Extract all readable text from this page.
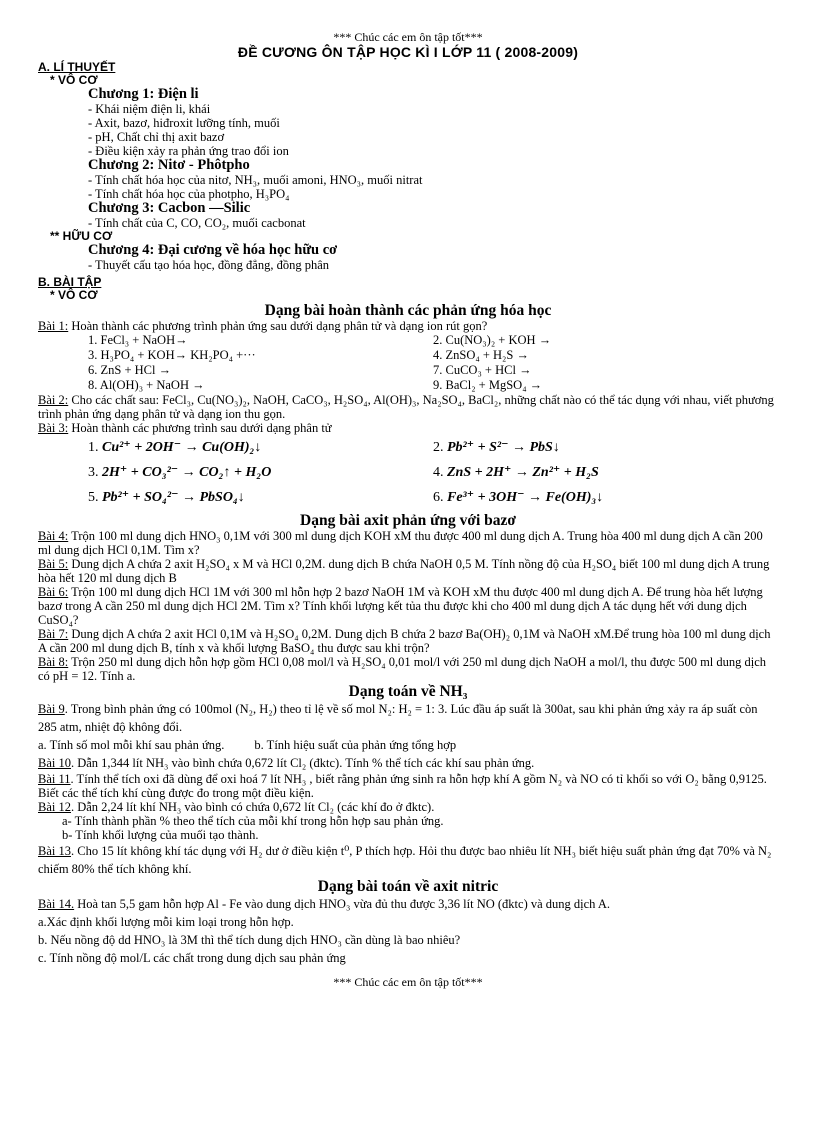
*** Chúc các em ôn tập tốt***
ĐỀ CƯƠNG ÔN TẬP HỌC KÌ I LỚP 11 ( 2008-2009)
A. LÍ THUYẾT
* VÔ CƠ
Chương 1: Điện li
- Khái niệm điện li, khái
- Axit, bazơ, hiđroxit lưỡng tính, muối
- pH, Chất chỉ thị axit bazơ
- Điều kiện xảy ra phản ứng trao đổi ion
Chương 2: Nitơ - Phôtpho
- Tính chất hóa học của nitơ, NH₃, muối amoni, HNO₃, muối nitrat
- Tính chất hóa học của photpho, H₃PO₄
Chương 3: Cacbon —Silic
- Tính chất của C, CO, CO₂, muối cacbonat
** HỮU CƠ
Chương 4: Đại cương về hóa học hữu cơ
- Thuyết cấu tạo hóa học, đồng đẳng, đồng phân
B. BÀI TẬP
* VÔ CƠ
Dạng bài hoàn thành các phản ứng hóa học
Bài 1: Hoàn thành các phương trình phản ứng sau dưới dạng phân tử và dạng ion rút gọn?
1. FeCl₃ + NaOH→	2. Cu(NO₃)₂ + KOH →
3. H₃PO₄ + KOH→ KH₂PO₄ +···	4. ZnSO₄ + H₂S →
6. ZnS + HCl →	7. CuCO₃ + HCl →
8. Al(OH)₃ + NaOH →	9. BaCl₂ + MgSO₄ →
Bài 2: Cho các chất sau: FeCl₃, Cu(NO₃)₂, NaOH, CaCO₃, H₂SO₄, Al(OH)₃, Na₂SO₄, BaCl₂, những chất nào có thể tác dụng với nhau, viết phương trình phản ứng dạng phân tử và dạng ion thu gọn.
Bài 3: Hoàn thành các phương trình sau dưới dạng phân tử
1. Cu²⁺ + 2OH⁻ → Cu(OH)₂↓	2. Pb²⁺ + S²⁻ → PbS↓
3. 2H⁺ + CO₃²⁻ → CO₂↑ + H₂O	4. ZnS + 2H⁺ → Zn²⁺ + H₂S
5. Pb²⁺ + SO₄²⁻ → PbSO₄↓	6. Fe³⁺ + 3OH⁻ → Fe(OH)₃↓
Dạng bài axit phản ứng với bazơ
Bài 4: Trộn 100 ml dung dịch HNO₃ 0,1M với 300 ml dung dịch KOH xM thu được 400 ml dung dịch A. Trung hòa 400 ml dung dịch A cần 200 ml dung dịch HCl 0,1M. Tìm x?
Bài 5: Dung dịch A chứa 2 axit H₂SO₄ x M và HCl 0,2M. dung dịch B chứa NaOH 0,5 M. Tính nồng độ của H₂SO₄ biết 100 ml dung dịch A trung hòa hết 120 ml dung dịch B
Bài 6: Trộn 100 ml dung dịch HCl 1M với 300 ml hỗn hợp 2 bazơ NaOH 1M và KOH xM thu được 400 ml dung dịch A. Để trung hòa hết lượng bazơ trong A cần 250 ml dung dịch HCl 2M. Tìm x? Tính khối lượng kết tủa thu được khi cho 400 ml dung dịch A tác dụng hết với dung dịch CuSO₄?
Bài 7: Dung dịch A chứa 2 axit HCl 0,1M và H₂SO₄ 0,2M. Dung dịch B chứa 2 bazơ Ba(OH)₂ 0,1M và NaOH xM.Để trung hòa 100 ml dung dịch A cần 200 ml dung dịch B, tính x và khối lượng BaSO₄ thu được sau khi trộn?
Bài 8: Trộn 250 ml dung dịch hỗn hợp gồm HCl 0,08 mol/l và H₂SO₄ 0,01 mol/l với 250 ml dung dịch NaOH a mol/l, thu được 500 ml dung dịch có pH = 12. Tính a.
Dạng toán về NH₃
Bài 9. Trong bình phản ứng có 100mol (N₂, H₂) theo tỉ lệ về số mol N₂: H₂ = 1: 3. Lúc đầu áp suất là 300at, sau khi phản ứng xảy ra áp suất còn 285 atm, nhiệt độ không đổi.
a. Tính số mol mỗi khí sau phản ứng. b. Tính hiệu suất của phản ứng tổng hợp
Bài 10. Dẫn 1,344 lít NH₃ vào bình chứa 0,672 lít Cl₂ (đktc). Tính % thể tích các khí sau phản ứng.
Bài 11. Tính thể tích oxi đã dùng để oxi hoá 7 lít NH₃ , biết rằng phản ứng sinh ra hỗn hợp khí A gồm N₂ và NO có tỉ khối so với O₂ bằng 0,9125. Biết các thể tích khí cùng được đo trong một điều kiện.
Bài 12. Dẫn 2,24 lít khí NH₃ vào bình có chứa 0,672 lít Cl₂ (các khí đo ở đktc).
a- Tính thành phần % theo thể tích của mỗi khí trong hỗn hợp sau phản ứng.
b- Tính khối lượng của muối tạo thành.
Bài 13. Cho 15 lít không khí tác dụng với H₂ dư ở điều kiện t⁰, P thích hợp. Hỏi thu được bao nhiêu lít NH₃ biết hiệu suất phản ứng đạt 70% và N₂ chiếm 80% thể tích không khí.
Dạng bài toán về axit nitric
Bài 14. Hoà tan 5,5 gam hỗn hợp Al - Fe vào dung dịch HNO₃ vừa đủ thu được 3,36 lít NO (đktc) và dung dịch A.
a.Xác định khối lượng mỗi kim loại trong hỗn hợp.
b. Nếu nồng độ dd HNO₃ là 3M thì thể tích dung dịch HNO₃ cần dùng là bao nhiêu?
c. Tính nồng độ mol/L các chất trong dung dịch sau phản ứng
*** Chúc các em ôn tập tốt***
